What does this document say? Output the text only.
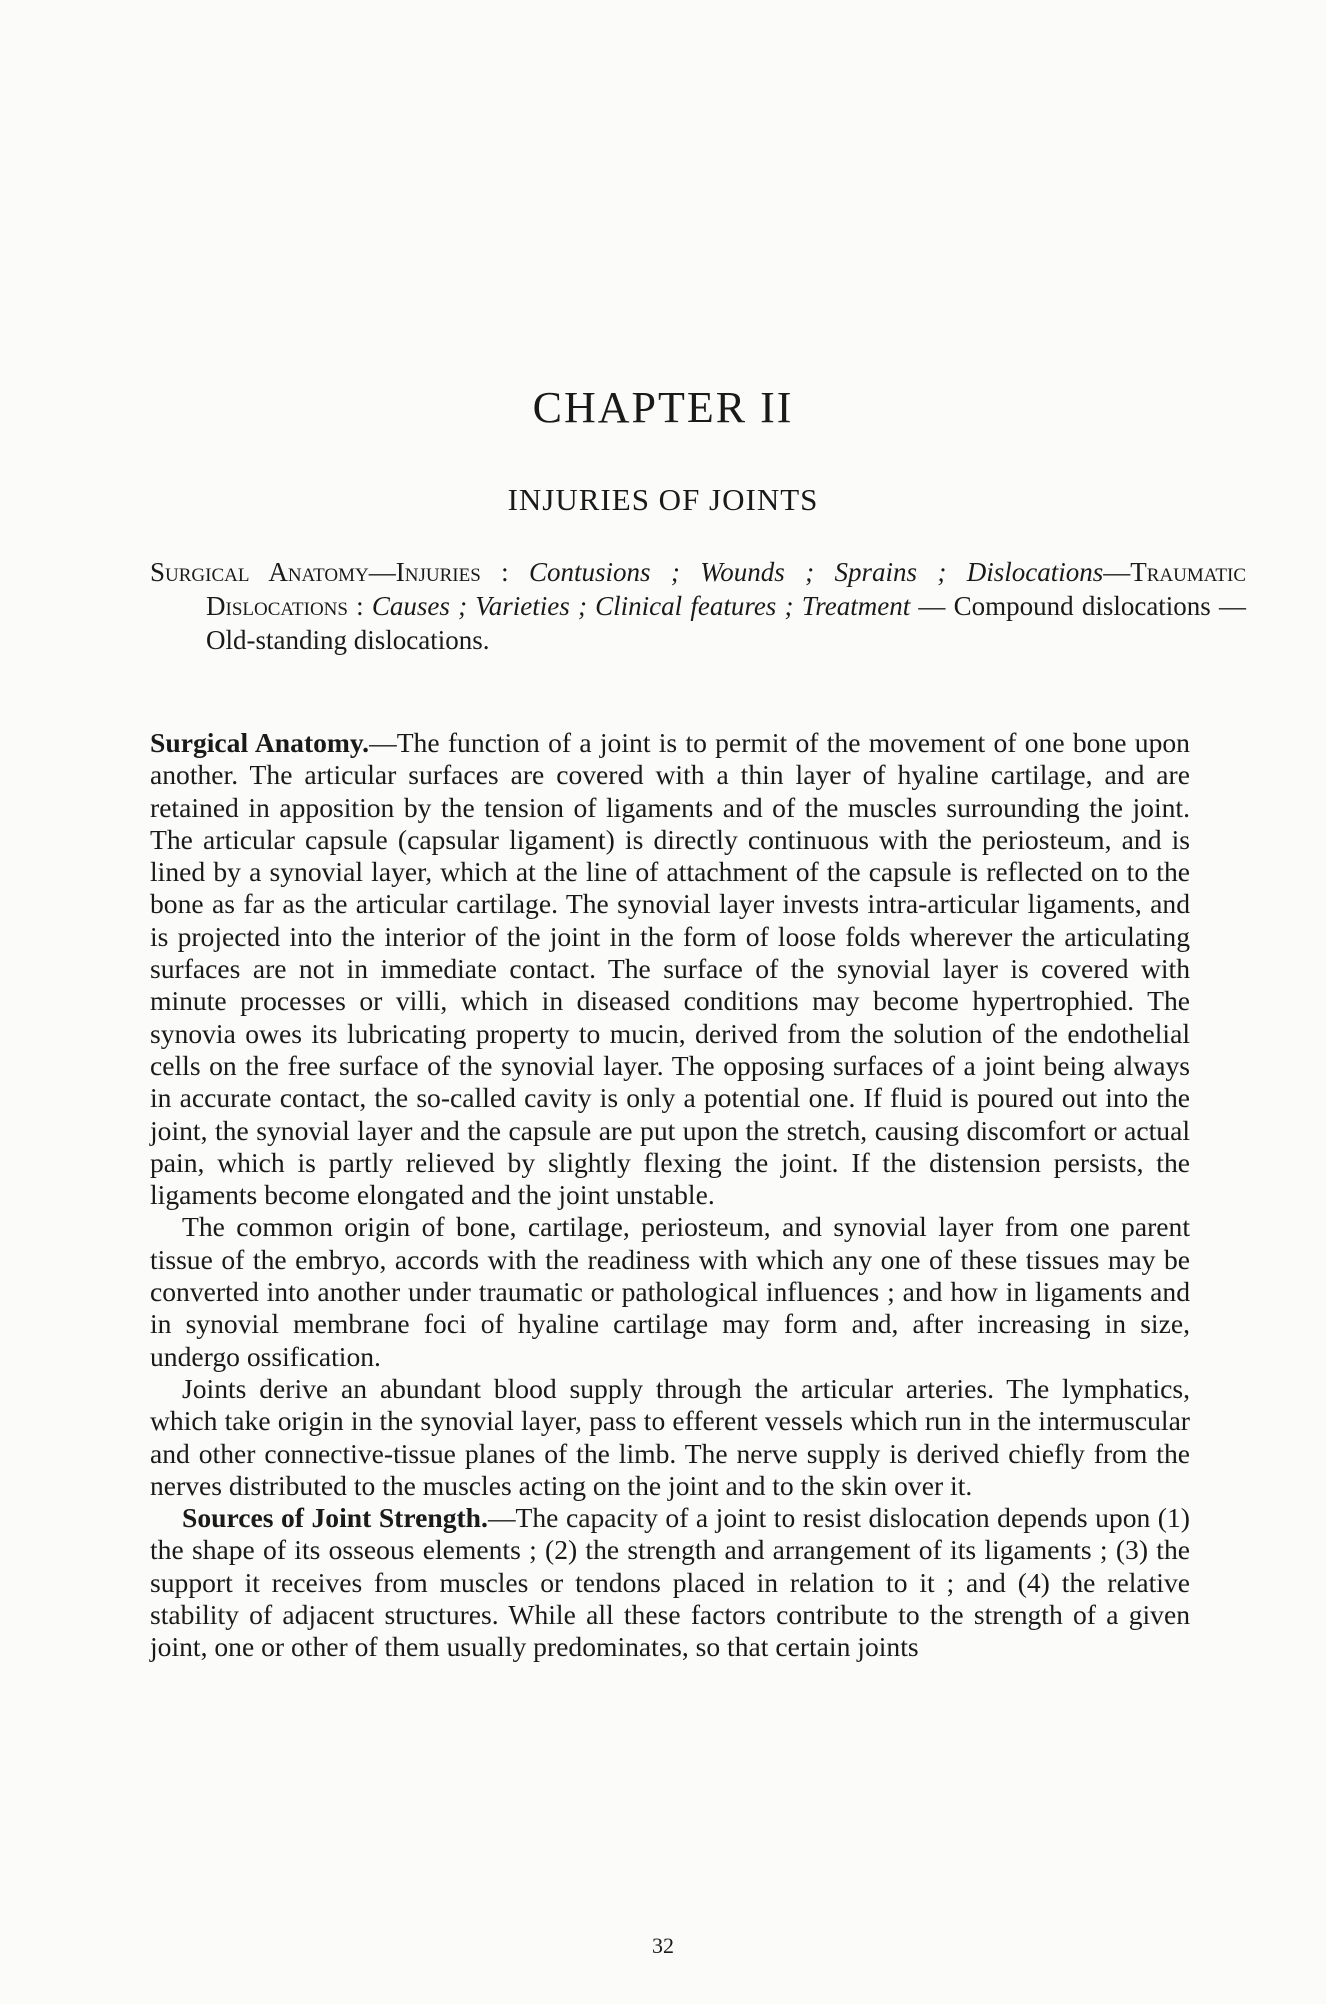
CHAPTER II
INJURIES OF JOINTS
Surgical Anatomy—Injuries : Contusions ; Wounds ; Sprains ; Dislocations—Traumatic Dislocations : Causes ; Varieties ; Clinical features ; Treatment — Compound dislocations — Old-standing dislocations.

Surgical Anatomy.—The function of a joint is to permit of the movement of one bone upon another. The articular surfaces are covered with a thin layer of hyaline cartilage, and are retained in apposition by the tension of ligaments and of the muscles surrounding the joint. The articular capsule (capsular ligament) is directly continuous with the periosteum, and is lined by a synovial layer, which at the line of attachment of the capsule is reflected on to the bone as far as the articular cartilage. The synovial layer invests intra-articular ligaments, and is projected into the interior of the joint in the form of loose folds wherever the articulating surfaces are not in immediate contact. The surface of the synovial layer is covered with minute processes or villi, which in diseased conditions may become hypertrophied. The synovia owes its lubricating property to mucin, derived from the solution of the endothelial cells on the free surface of the synovial layer. The opposing surfaces of a joint being always in accurate contact, the so-called cavity is only a potential one. If fluid is poured out into the joint, the synovial layer and the capsule are put upon the stretch, causing discomfort or actual pain, which is partly relieved by slightly flexing the joint. If the distension persists, the ligaments become elongated and the joint unstable.

The common origin of bone, cartilage, periosteum, and synovial layer from one parent tissue of the embryo, accords with the readiness with which any one of these tissues may be converted into another under traumatic or pathological influences ; and how in ligaments and in synovial membrane foci of hyaline cartilage may form and, after increasing in size, undergo ossification.

Joints derive an abundant blood supply through the articular arteries. The lymphatics, which take origin in the synovial layer, pass to efferent vessels which run in the intermuscular and other connective-tissue planes of the limb. The nerve supply is derived chiefly from the nerves distributed to the muscles acting on the joint and to the skin over it.

Sources of Joint Strength.—The capacity of a joint to resist dislocation depends upon (1) the shape of its osseous elements ; (2) the strength and arrangement of its ligaments ; (3) the support it receives from muscles or tendons placed in relation to it ; and (4) the relative stability of adjacent structures. While all these factors contribute to the strength of a given joint, one or other of them usually predominates, so that certain joints

32
